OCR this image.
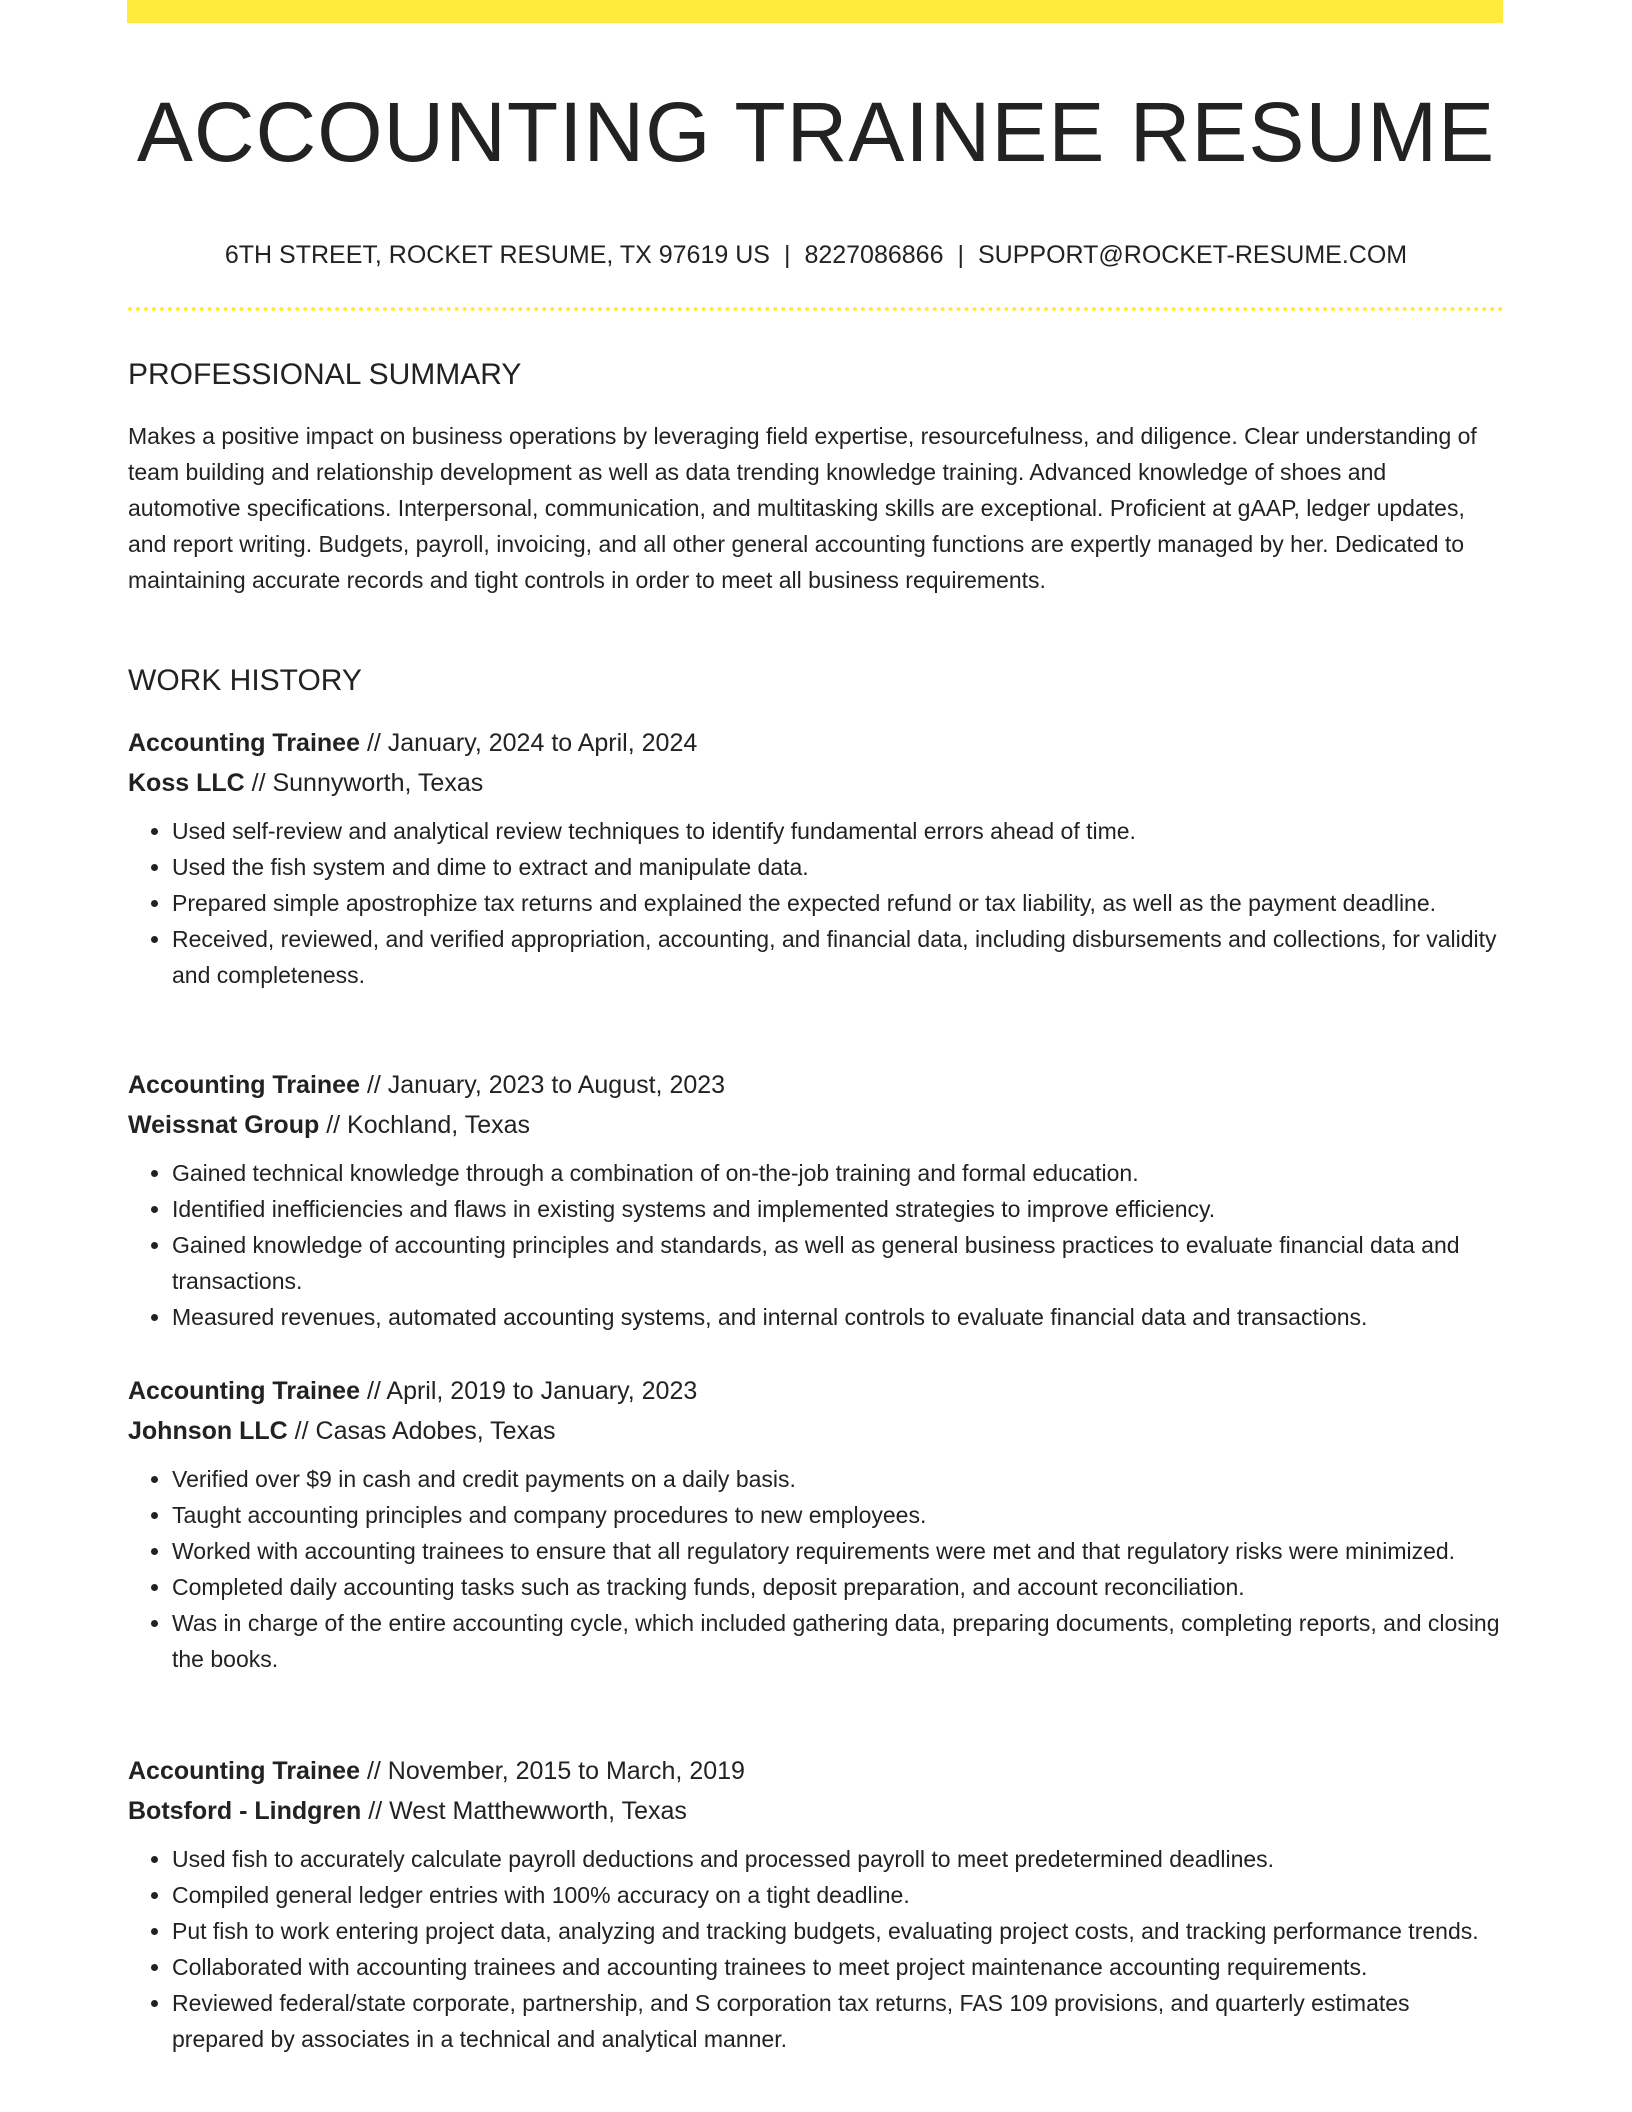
ACCOUNTING TRAINEE RESUME
6TH STREET, ROCKET RESUME, TX 97619 US | 8227086866 | SUPPORT@ROCKET-RESUME.COM
PROFESSIONAL SUMMARY

Makes a positive impact on business operations by leveraging field expertise, resourcefulness, and diligence. Clear understanding of team building and relationship development as well as data trending knowledge training. Advanced knowledge of shoes and automotive specifications. Interpersonal, communication, and multitasking skills are exceptional. Proficient at gAAP, ledger updates, and report writing. Budgets, payroll, invoicing, and all other general accounting functions are expertly managed by her. Dedicated to maintaining accurate records and tight controls in order to meet all business requirements.

WORK HISTORY
Accounting Trainee // January, 2024 to April, 2024
Koss LLC // Sunnyworth, Texas
• Used self-review and analytical review techniques to identify fundamental errors ahead of time.
• Used the fish system and dime to extract and manipulate data.
• Prepared simple apostrophize tax returns and explained the expected refund or tax liability, as well as the payment deadline.
• Received, reviewed, and verified appropriation, accounting, and financial data, including disbursements and collections, for validity and completeness.
Accounting Trainee // January, 2023 to August, 2023
Weissnat Group // Kochland, Texas
• Gained technical knowledge through a combination of on-the-job training and formal education.
• Identified inefficiencies and flaws in existing systems and implemented strategies to improve efficiency.
• Gained knowledge of accounting principles and standards, as well as general business practices to evaluate financial data and transactions.
• Measured revenues, automated accounting systems, and internal controls to evaluate financial data and transactions.
Accounting Trainee // April, 2019 to January, 2023
Johnson LLC // Casas Adobes, Texas
• Verified over $9 in cash and credit payments on a daily basis.
• Taught accounting principles and company procedures to new employees.
• Worked with accounting trainees to ensure that all regulatory requirements were met and that regulatory risks were minimized.
• Completed daily accounting tasks such as tracking funds, deposit preparation, and account reconciliation.
• Was in charge of the entire accounting cycle, which included gathering data, preparing documents, completing reports, and closing the books.
Accounting Trainee // November, 2015 to March, 2019
Botsford - Lindgren // West Matthewworth, Texas
• Used fish to accurately calculate payroll deductions and processed payroll to meet predetermined deadlines.
• Compiled general ledger entries with 100% accuracy on a tight deadline.
• Put fish to work entering project data, analyzing and tracking budgets, evaluating project costs, and tracking performance trends.
• Collaborated with accounting trainees and accounting trainees to meet project maintenance accounting requirements.
• Reviewed federal/state corporate, partnership, and S corporation tax returns, FAS 109 provisions, and quarterly estimates prepared by associates in a technical and analytical manner.
